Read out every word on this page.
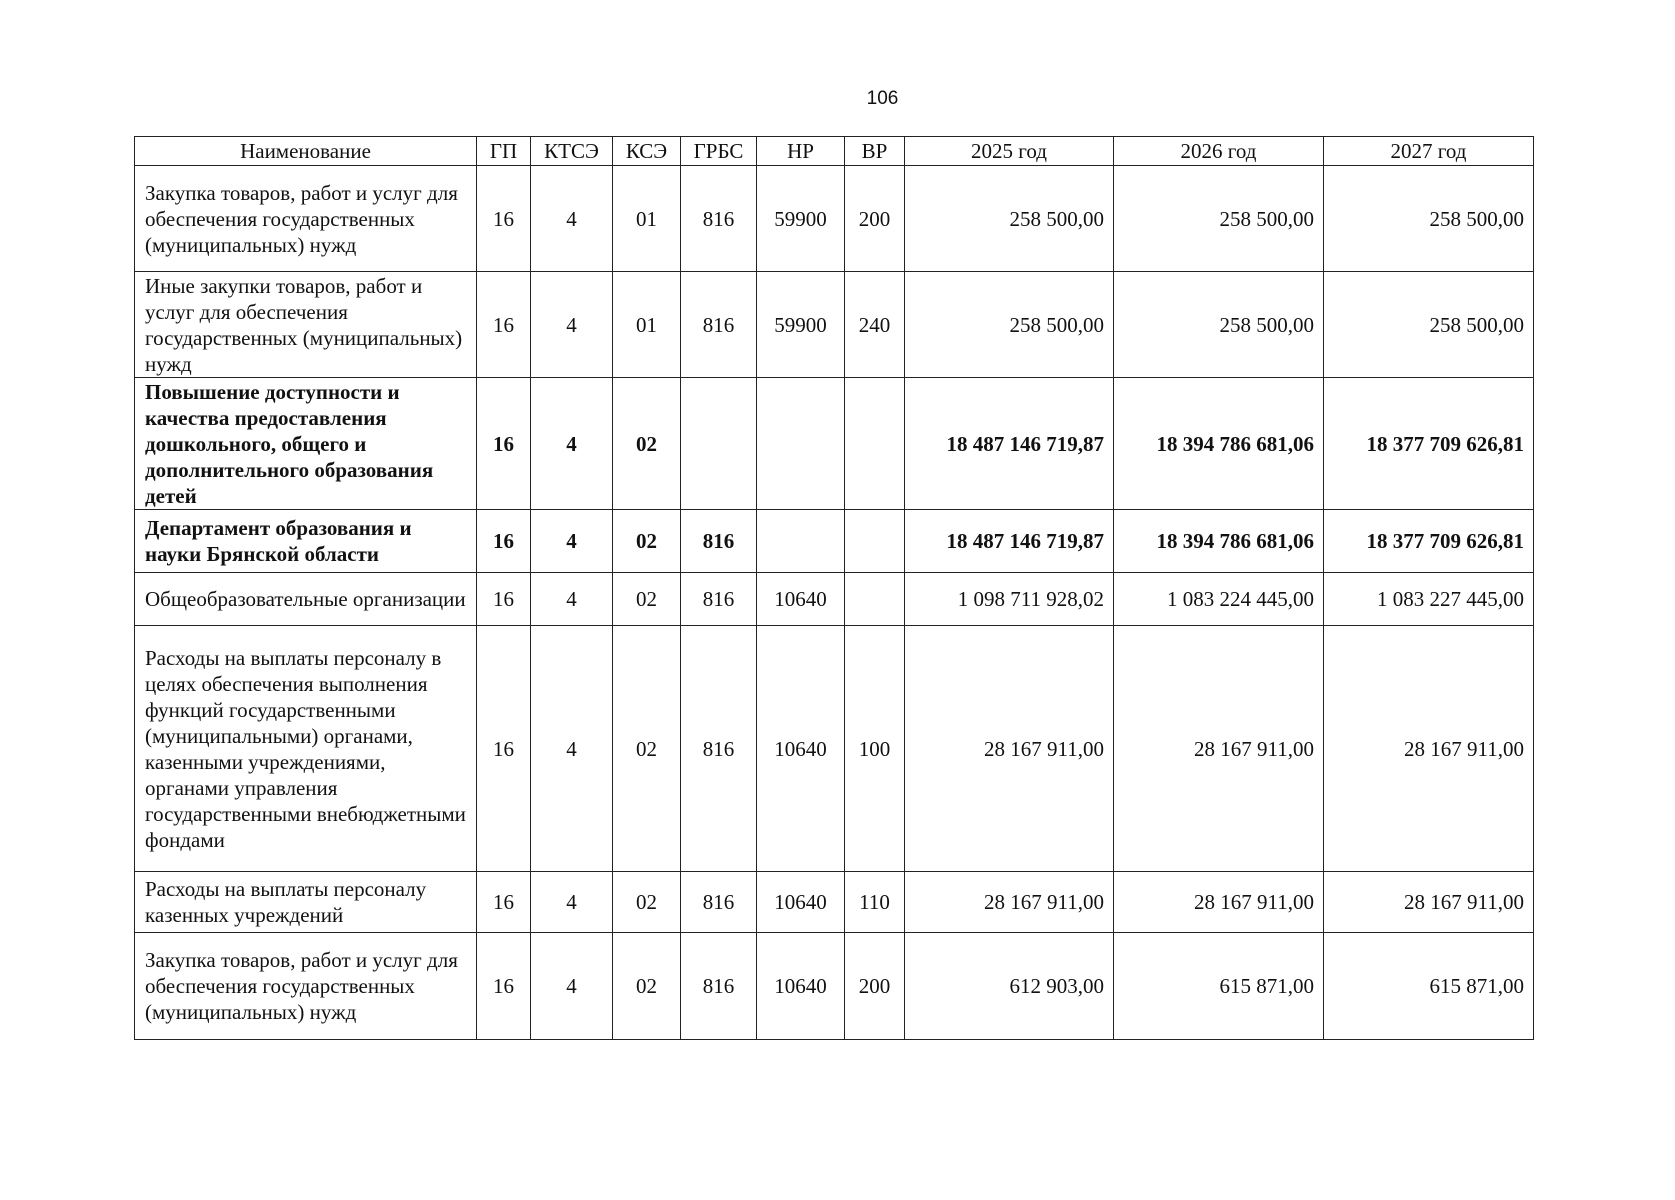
106
Наименование	ГП	КТСЭ	КСЭ	ГРБС	НР	ВР	2025 год	2026 год	2027 год
Закупка товаров, работ и услуг для обеспечения государственных (муниципальных) нужд	16	4	01	816	59900	200	258 500,00	258 500,00	258 500,00
Иные закупки товаров, работ и услуг для обеспечения государственных (муниципальных) нужд	16	4	01	816	59900	240	258 500,00	258 500,00	258 500,00
Повышение доступности и качества предоставления дошкольного, общего и дополнительного образования детей	16	4	02				18 487 146 719,87	18 394 786 681,06	18 377 709 626,81
Департамент образования и науки Брянской области	16	4	02	816			18 487 146 719,87	18 394 786 681,06	18 377 709 626,81
Общеобразовательные организации	16	4	02	816	10640		1 098 711 928,02	1 083 224 445,00	1 083 227 445,00
Расходы на выплаты персоналу в целях обеспечения выполнения функций государственными (муниципальными) органами, казенными учреждениями, органами управления государственными внебюджетными фондами	16	4	02	816	10640	100	28 167 911,00	28 167 911,00	28 167 911,00
Расходы на выплаты персоналу казенных учреждений	16	4	02	816	10640	110	28 167 911,00	28 167 911,00	28 167 911,00
Закупка товаров, работ и услуг для обеспечения государственных (муниципальных) нужд	16	4	02	816	10640	200	612 903,00	615 871,00	615 871,00
